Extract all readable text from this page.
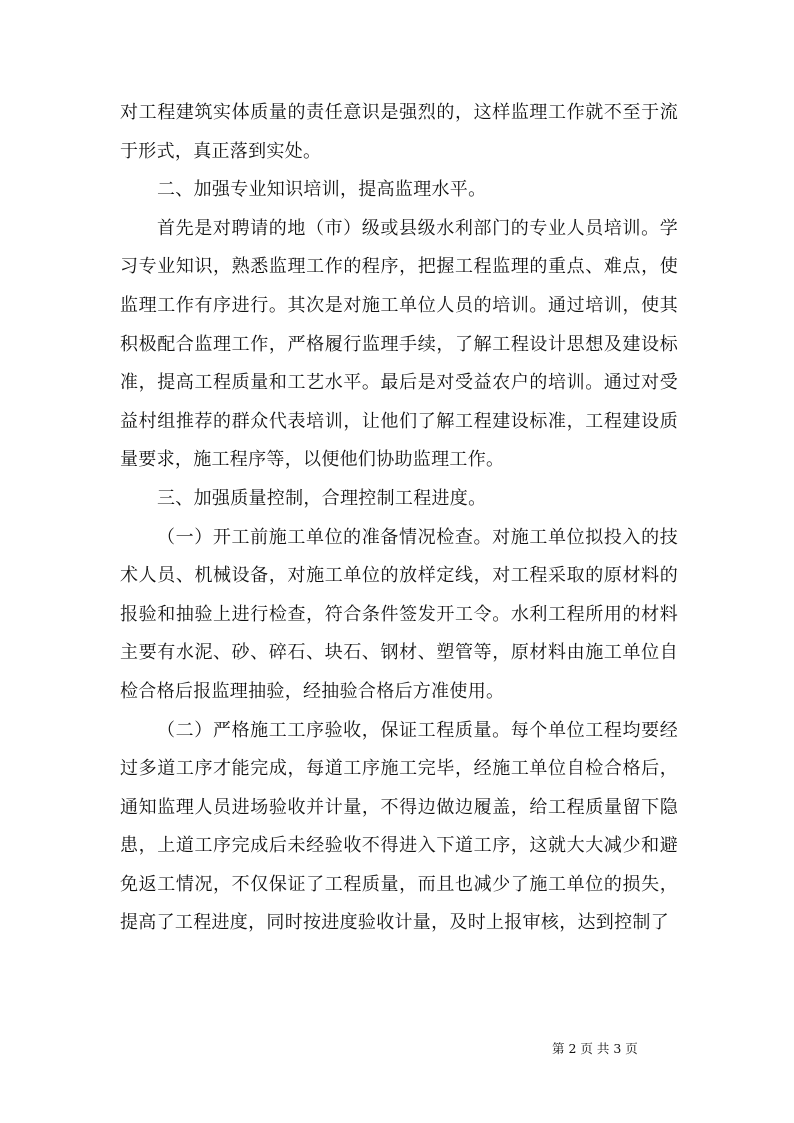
对工程建筑实体质量的责任意识是强烈的，这样监理工作就不至于流于形式，真正落到实处。

二、加强专业知识培训，提高监理水平。

首先是对聘请的地（市）级或县级水利部门的专业人员培训。学习专业知识，熟悉监理工作的程序，把握工程监理的重点、难点，使监理工作有序进行。其次是对施工单位人员的培训。通过培训，使其积极配合监理工作，严格履行监理手续，了解工程设计思想及建设标准，提高工程质量和工艺水平。最后是对受益农户的培训。通过对受益村组推荐的群众代表培训，让他们了解工程建设标准，工程建设质量要求，施工程序等，以便他们协助监理工作。

三、加强质量控制，合理控制工程进度。

（一）开工前施工单位的准备情况检查。对施工单位拟投入的技术人员、机械设备，对施工单位的放样定线，对工程采取的原材料的报验和抽验上进行检查，符合条件签发开工令。水利工程所用的材料主要有水泥、砂、碎石、块石、钢材、塑管等，原材料由施工单位自检合格后报监理抽验，经抽验合格后方准使用。

（二）严格施工工序验收，保证工程质量。每个单位工程均要经过多道工序才能完成，每道工序施工完毕，经施工单位自检合格后，通知监理人员进场验收并计量，不得边做边履盖，给工程质量留下隐患，上道工序完成后未经验收不得进入下道工序，这就大大减少和避免返工情况，不仅保证了工程质量，而且也减少了施工单位的损失，提高了工程进度，同时按进度验收计量，及时上报审核，达到控制了

第 2 页 共 3 页
